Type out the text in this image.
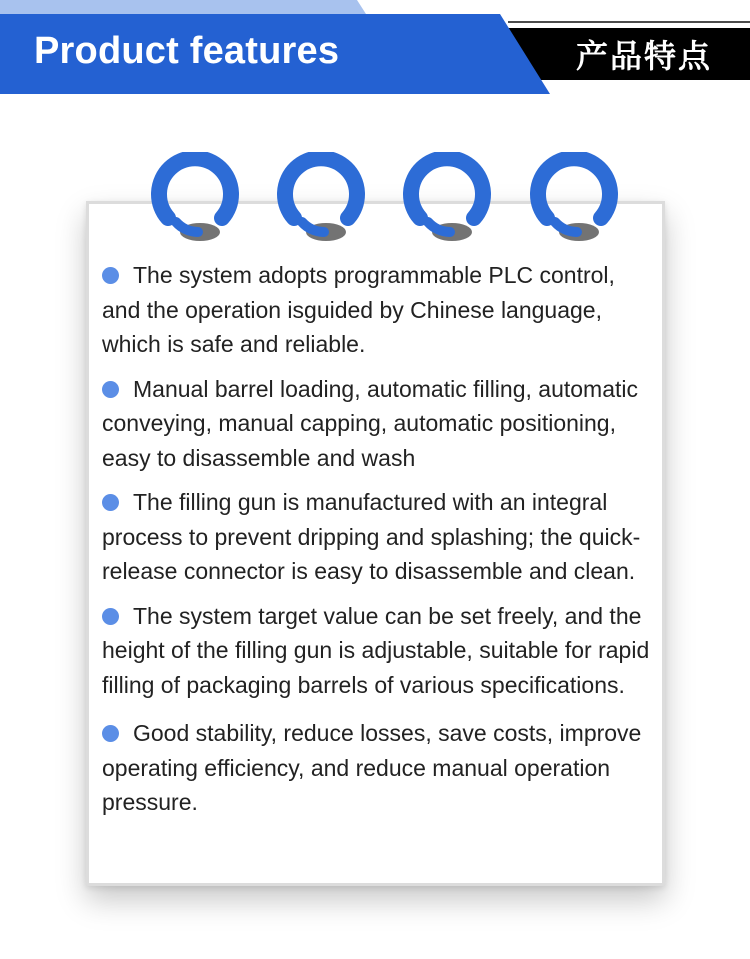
Product features	产品特点
The system adopts programmable PLC control, and the operation isguided by Chinese language, which is safe and reliable.
Manual barrel loading, automatic filling, automatic conveying, manual capping, automatic positioning, easy to disassemble and wash
The filling gun is manufactured with an integral process to prevent dripping and splashing; the quick-release connector is easy to disassemble and clean.
The system target value can be set freely, and the height of the filling gun is adjustable, suitable for rapid filling of packaging barrels of various specifications.
Good stability, reduce losses, save costs, improve operating efficiency, and reduce manual operation pressure.
